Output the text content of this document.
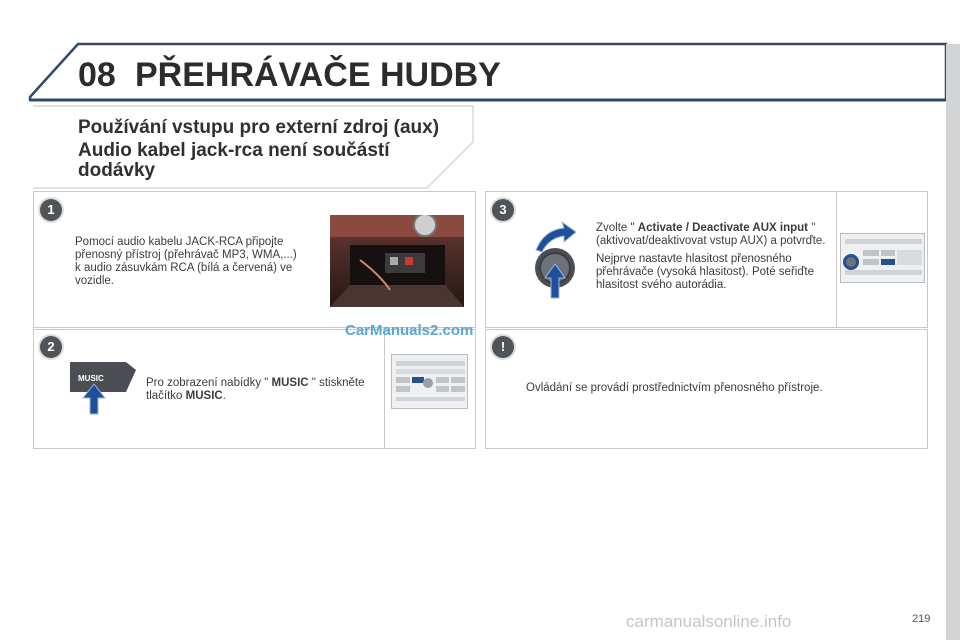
08 PŘEHRÁVAČE HUDBY
Používání vstupu pro externí zdroj (aux)
Audio kabel jack-rca není součástí
dodávky
1
Pomocí audio kabelu JACK-RCA připojte přenosný přístroj (přehrávač MP3, WMA,...) k audio zásuvkám RCA (bílá a červená) ve vozidle.
2
MUSIC	Pro zobrazení nabídky " MUSIC " stiskněte tlačítko MUSIC.
CarManuals2.com
3

Zvolte " Activate / Deactivate AUX input " (aktivovat/deaktivovat vstup AUX) a potvrďte.

Nejprve nastavte hlasitost přenosného přehrávače (vysoká hlasitost). Poté seřiďte hlasitost svého autorádia.

!
Ovládání se provádí prostřednictvím přenosného přístroje.
carmanualsonline.info	219
